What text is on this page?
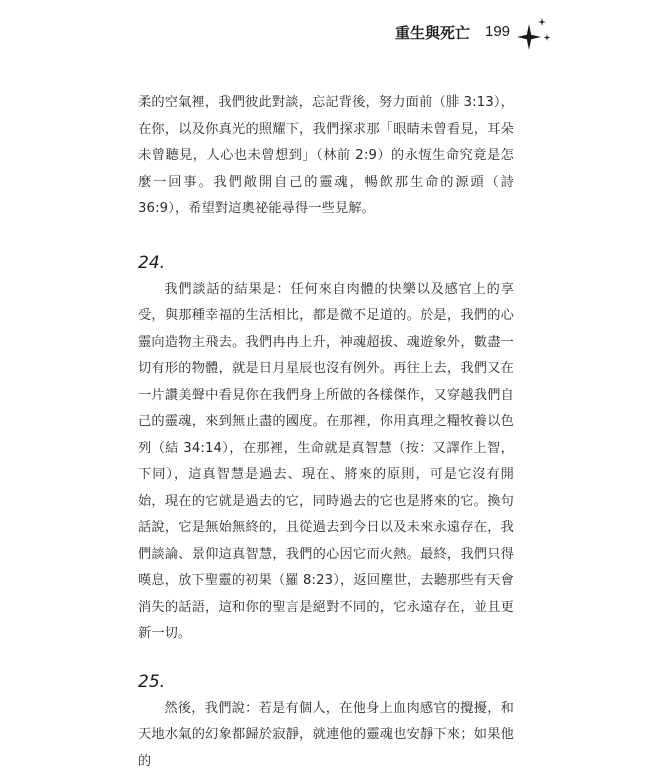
重生與死亡 199

柔的空氣裡，我們彼此對談，忘記背後，努力面前（腓 3:13），在你，以及你真光的照耀下，我們探求那「眼睛未曾看見，耳朵未曾聽見，人心也未曾想到」（林前 2:9）的永恆生命究竟是怎麼一回事。我們敞開自己的靈魂，暢飲那生命的源頭（詩 36:9），希望對這奧祕能尋得一些見解。

24.

我們談話的結果是：任何來自肉體的快樂以及感官上的享受，與那種幸福的生活相比，都是微不足道的。於是，我們的心靈向造物主飛去。我們冉冉上升，神魂超拔、魂遊象外，數盡一切有形的物體，就是日月星辰也沒有例外。再往上去，我們又在一片讚美聲中看見你在我們身上所做的各樣傑作，又穿越我們自己的靈魂，來到無止盡的國度。在那裡，你用真理之糧牧養以色列（結 34:14），在那裡，生命就是真智慧（按：又譯作上智，下同），這真智慧是過去、現在、將來的原則，可是它沒有開始，現在的它就是過去的它，同時過去的它也是將來的它。換句話說，它是無始無終的，且從過去到今日以及未來永遠存在，我們談論、景仰這真智慧，我們的心因它而火熱。最終，我們只得嘆息，放下聖靈的初果（羅 8:23），返回塵世，去聽那些有天會消失的話語，這和你的聖言是絕對不同的，它永遠存在，並且更新一切。

25.

然後，我們說：若是有個人，在他身上血肉感官的攪擾，和天地水氣的幻象都歸於寂靜，就連他的靈魂也安靜下來；如果他的
